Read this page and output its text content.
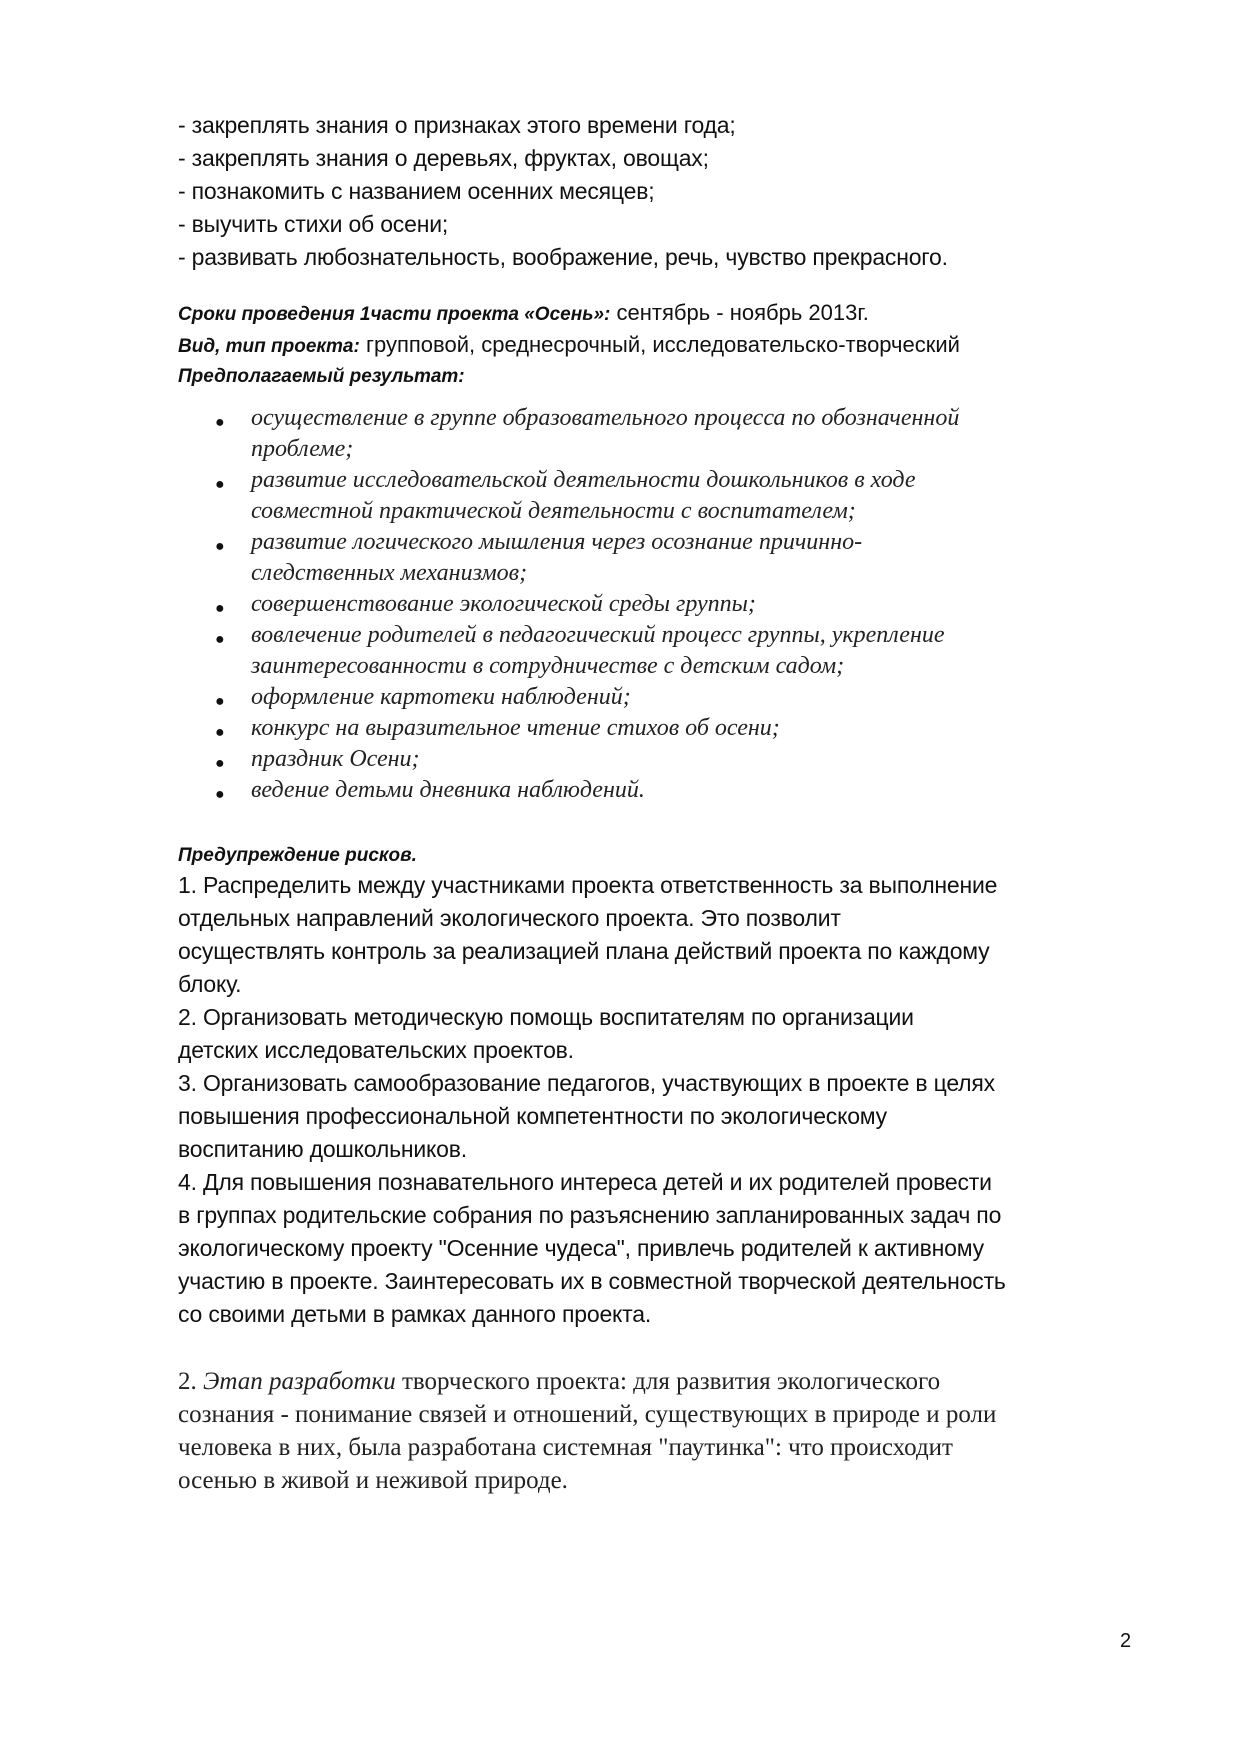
- закреплять знания о признаках этого времени года;
- закреплять знания о деревьях, фруктах, овощах;
- познакомить с названием осенних месяцев;
- выучить стихи об осени;
- развивать любознательность, воображение, речь, чувство прекрасного.
Сроки проведения 1части проекта «Осень»: сентябрь - ноябрь 2013г.
Вид, тип проекта: групповой, среднесрочный, исследовательско-творческий
Предполагаемый результат:
● осуществление в группе образовательного процесса по обозначенной
проблеме;
● развитие исследовательской деятельности дошкольников в ходе
совместной практической деятельности с воспитателем;
● развитие логического мышления через осознание причинно-
следственных механизмов;
● совершенствование экологической среды группы;
● вовлечение родителей в педагогический процесс группы, укрепление
заинтересованности в сотрудничестве с детским садом;
● оформление картотеки наблюдений;
● конкурс на выразительное чтение стихов об осени;
● праздник Осени;
● ведение детьми дневника наблюдений.
Предупреждение рисков.
1. Распределить между участниками проекта ответственность за выполнение
отдельных направлений экологического проекта. Это позволит
осуществлять контроль за реализацией плана действий проекта по каждому
блоку.
2. Организовать методическую помощь воспитателям по организации
детских исследовательских проектов.
3. Организовать самообразование педагогов, участвующих в проекте в целях
повышения профессиональной компетентности по экологическому
воспитанию дошкольников.
4. Для повышения познавательного интереса детей и их родителей провести
в группах родительские собрания по разъяснению запланированных задач по
экологическому проекту "Осенние чудеса", привлечь родителей к активному
участию в проекте. Заинтересовать их в совместной творческой деятельность
со своими детьми в рамках данного проекта.
2. Этап разработки творческого проекта: для развития экологического
сознания - понимание связей и отношений, существующих в природе и роли
человека в них, была разработана системная "паутинка": что происходит
осенью в живой и неживой природе.
2
